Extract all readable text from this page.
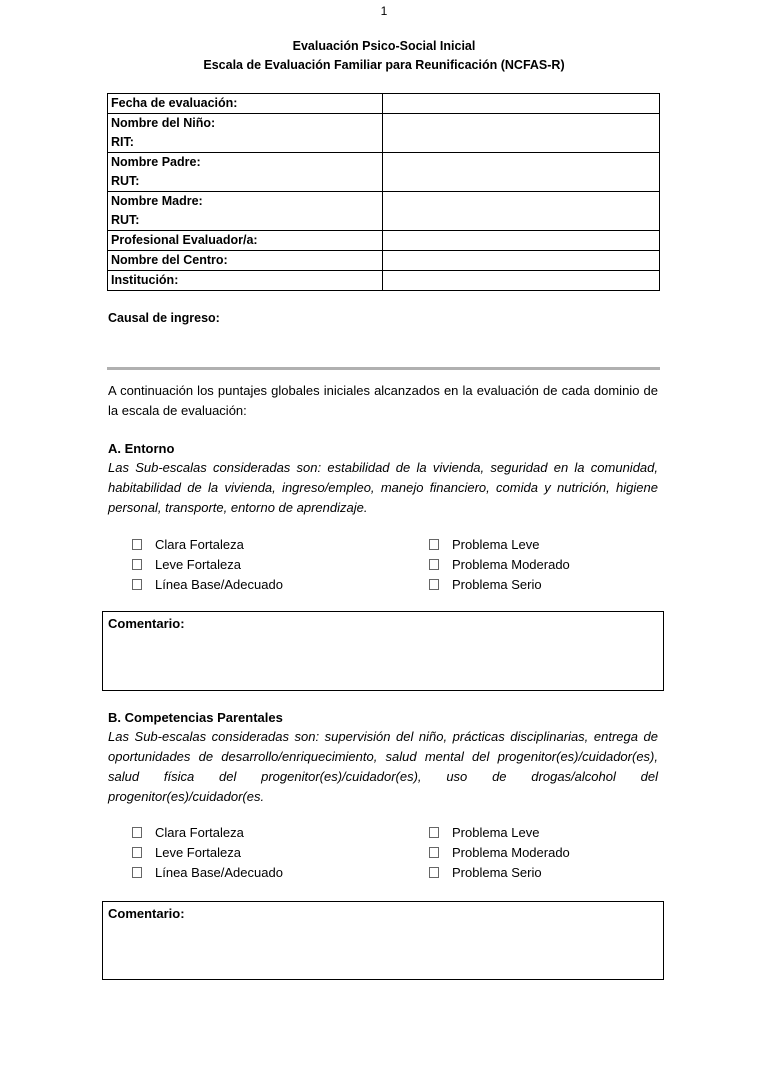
1
Evaluación Psico-Social Inicial
Escala de Evaluación Familiar para Reunificación (NCFAS-R)
Fecha de evaluación:	

Nombre del Niño:
RIT:	

Nombre Padre:
RUT:	

Nombre Madre:
RUT:	

Profesional Evaluador/a:	

Nombre del Centro:	

Institución:	

Causal de ingreso:
A continuación los puntajes globales iniciales alcanzados en la evaluación de cada dominio de la escala de evaluación:
A. Entorno
Las Sub-escalas consideradas son: estabilidad de la vivienda, seguridad en la comunidad, habitabilidad de la vivienda, ingreso/empleo, manejo financiero, comida y nutrición, higiene personal, transporte, entorno de aprendizaje.
Clara Fortaleza
Leve Fortaleza
Línea Base/Adecuado
Problema Leve
Problema Moderado
Problema Serio
Comentario:
B. Competencias Parentales
Las Sub-escalas consideradas son: supervisión del niño, prácticas disciplinarias, entrega de oportunidades de desarrollo/enriquecimiento, salud mental del progenitor(es)/cuidador(es), salud física del progenitor(es)/cuidador(es), uso de drogas/alcohol del progenitor(es)/cuidador(es.
Clara Fortaleza
Leve Fortaleza
Línea Base/Adecuado
Problema Leve
Problema Moderado
Problema Serio
Comentario:
